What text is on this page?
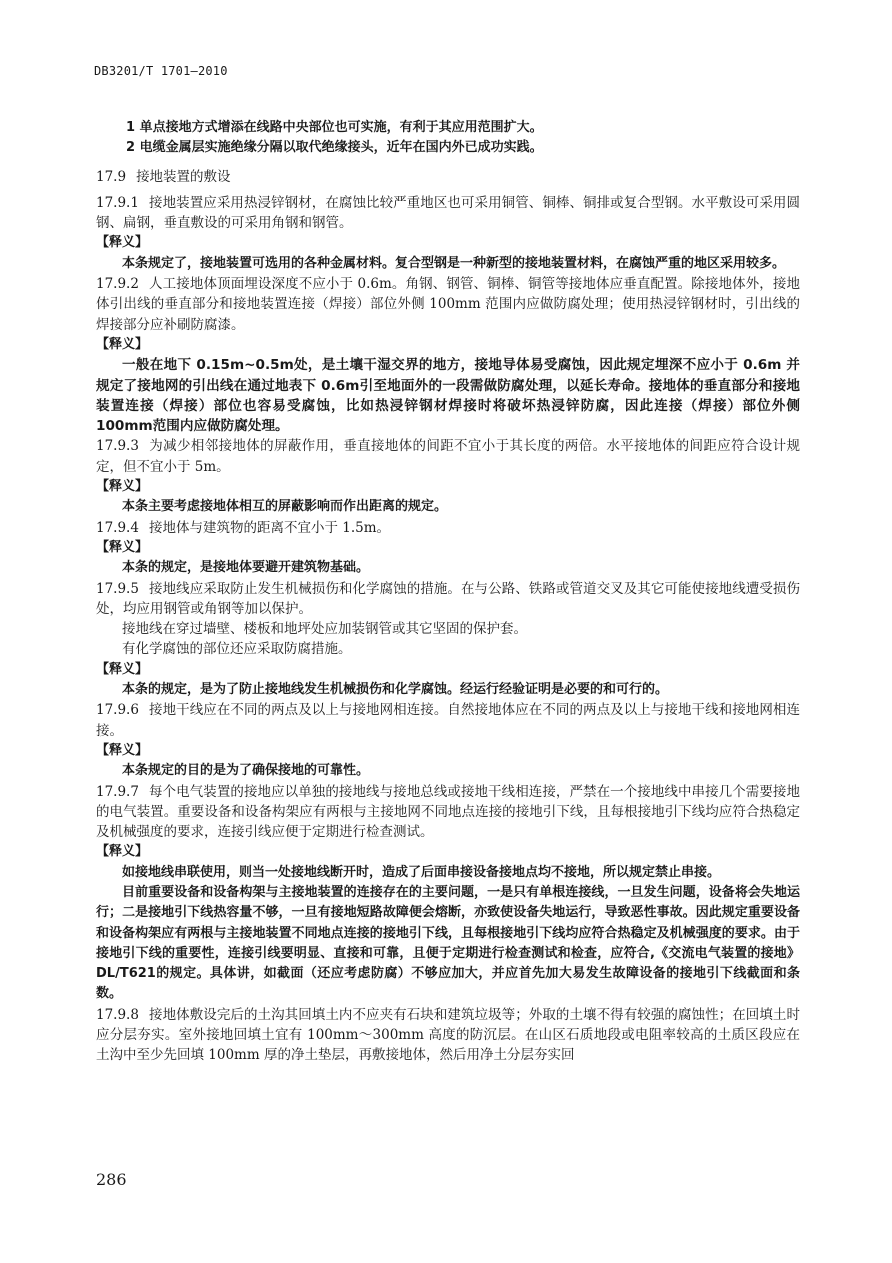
DB3201/T 1701—2010

1 单点接地方式增添在线路中央部位也可实施，有利于其应用范围扩大。

2 电缆金属层实施绝缘分隔以取代绝缘接头，近年在国内外已成功实践。

17.9 接地装置的敷设

17.9.1 接地装置应采用热浸锌钢材，在腐蚀比较严重地区也可采用铜管、铜棒、铜排或复合型钢。水平敷设可采用圆钢、扁钢，垂直敷设的可采用角钢和钢管。

【释义】

本条规定了，接地装置可选用的各种金属材料。复合型钢是一种新型的接地装置材料，在腐蚀严重的地区采用较多。

17.9.2 人工接地体顶面埋设深度不应小于 0.6m。角钢、钢管、铜棒、铜管等接地体应垂直配置。除接地体外，接地体引出线的垂直部分和接地装置连接（焊接）部位外侧 100mm 范围内应做防腐处理；使用热浸锌钢材时，引出线的焊接部分应补刷防腐漆。

【释义】

一般在地下 0.15m~0.5m处，是土壤干湿交界的地方，接地导体易受腐蚀，因此规定埋深不应小于 0.6m 并规定了接地网的引出线在通过地表下 0.6m引至地面外的一段需做防腐处理，以延长寿命。接地体的垂直部分和接地装置连接（焊接）部位也容易受腐蚀，比如热浸锌钢材焊接时将破坏热浸锌防腐，因此连接（焊接）部位外侧 100mm范围内应做防腐处理。

17.9.3 为减少相邻接地体的屏蔽作用，垂直接地体的间距不宜小于其长度的两倍。水平接地体的间距应符合设计规定，但不宜小于 5m。

【释义】

本条主要考虑接地体相互的屏蔽影响而作出距离的规定。

17.9.4 接地体与建筑物的距离不宜小于 1.5m。

【释义】

本条的规定，是接地体要避开建筑物基础。

17.9.5 接地线应采取防止发生机械损伤和化学腐蚀的措施。在与公路、铁路或管道交叉及其它可能使接地线遭受损伤处，均应用钢管或角钢等加以保护。

接地线在穿过墙壁、楼板和地坪处应加装钢管或其它坚固的保护套。

有化学腐蚀的部位还应采取防腐措施。

【释义】

本条的规定，是为了防止接地线发生机械损伤和化学腐蚀。经运行经验证明是必要的和可行的。

17.9.6 接地干线应在不同的两点及以上与接地网相连接。自然接地体应在不同的两点及以上与接地干线和接地网相连接。

【释义】

本条规定的目的是为了确保接地的可靠性。

17.9.7 每个电气装置的接地应以单独的接地线与接地总线或接地干线相连接，严禁在一个接地线中串接几个需要接地的电气装置。重要设备和设备构架应有两根与主接地网不同地点连接的接地引下线，且每根接地引下线均应符合热稳定及机械强度的要求，连接引线应便于定期进行检查测试。

【释义】

如接地线串联使用，则当一处接地线断开时，造成了后面串接设备接地点均不接地，所以规定禁止串接。

目前重要设备和设备构架与主接地装置的连接存在的主要问题，一是只有单根连接线，一旦发生问题，设备将会失地运行；二是接地引下线热容量不够，一旦有接地短路故障便会熔断，亦致使设备失地运行，导致恶性事故。因此规定重要设备和设备构架应有两根与主接地装置不同地点连接的接地引下线，且每根接地引下线均应符合热稳定及机械强度的要求。由于接地引下线的重要性，连接引线要明显、直接和可靠，且便于定期进行检查测试和检查，应符合,《交流电气装置的接地》DL/T621的规定。具体讲，如截面（还应考虑防腐）不够应加大，并应首先加大易发生故障设备的接地引下线截面和条数。

17.9.8 接地体敷设完后的土沟其回填土内不应夹有石块和建筑垃圾等；外取的土壤不得有较强的腐蚀性；在回填土时应分层夯实。室外接地回填土宜有 100mm～300mm 高度的防沉层。在山区石质地段或电阻率较高的土质区段应在土沟中至少先回填 100mm 厚的净土垫层，再敷接地体，然后用净土分层夯实回

286
